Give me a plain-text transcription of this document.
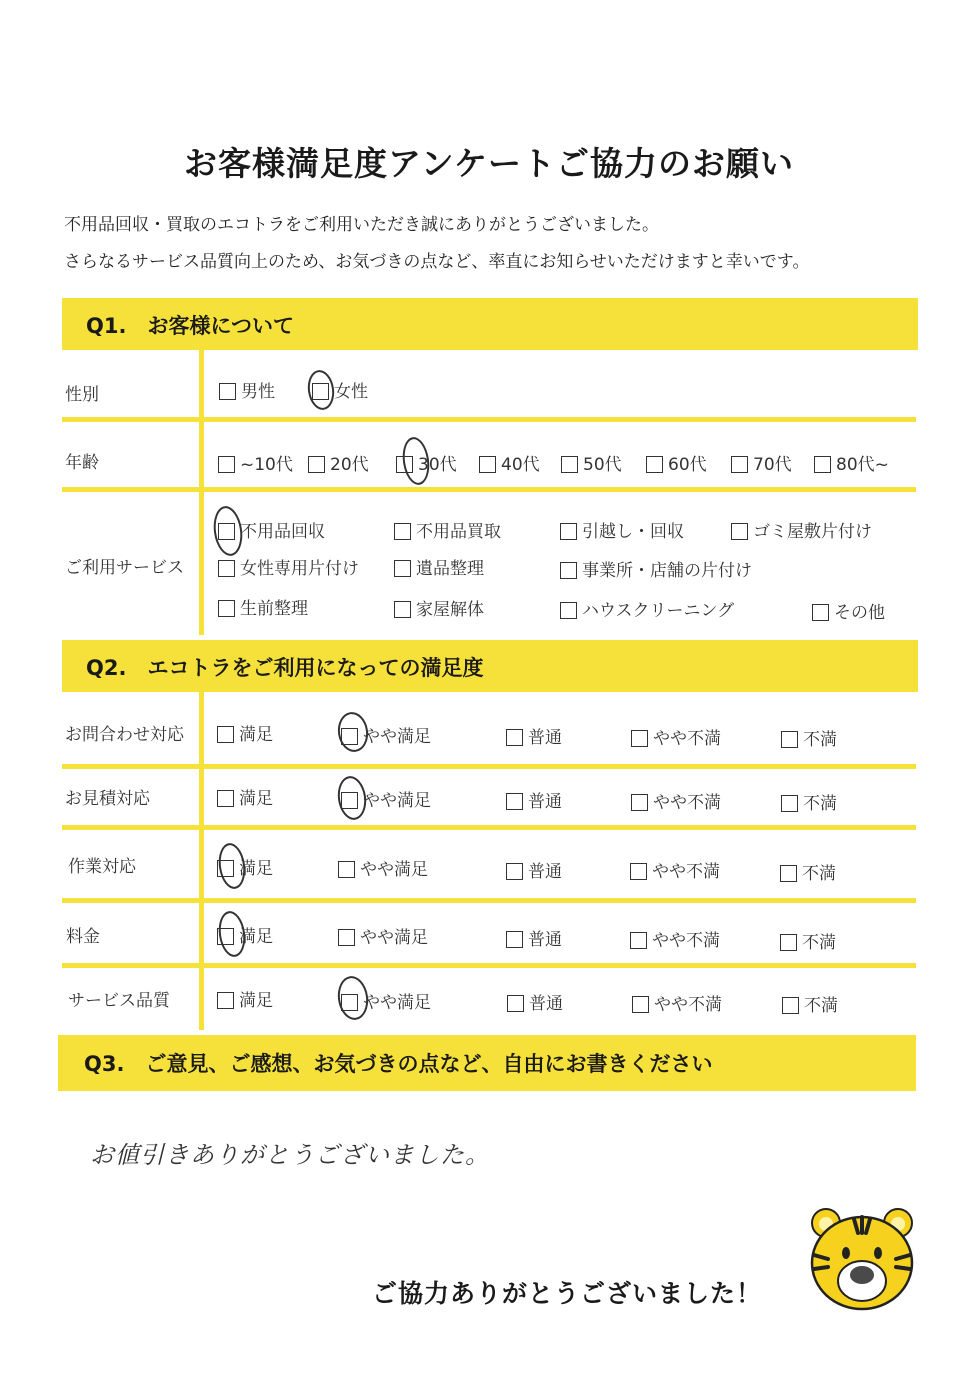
お客様満足度アンケートご協力のお願い
不用品回収・買取のエコトラをご利用いただき誠にありがとうございました。
さらなるサービス品質向上のため、お気づきの点など、率直にお知らせいただけますと幸いです。
Q1.　お客様について
性別	男性	女性
年齢	~10代	20代	30代	40代	50代	60代	70代	80代~
ご利用サービス
不用品回収	不用品買取	引越し・回収	ゴミ屋敷片付け
女性専用片付け	遺品整理	事業所・店舗の片付け
生前整理	家屋解体	ハウスクリーニング	その他
Q2.　エコトラをご利用になっての満足度
お問合わせ対応	満足	やや満足	普通	やや不満	不満
お見積対応	満足	やや満足	普通	やや不満	不満
作業対応	満足	やや満足	普通	やや不満	不満
料金	満足	やや満足	普通	やや不満	不満
サービス品質	満足	やや満足	普通	やや不満	不満
Q3.　ご意見、ご感想、お気づきの点など、自由にお書きください
お値引きありがとうございました。
ご協力ありがとうございました！
